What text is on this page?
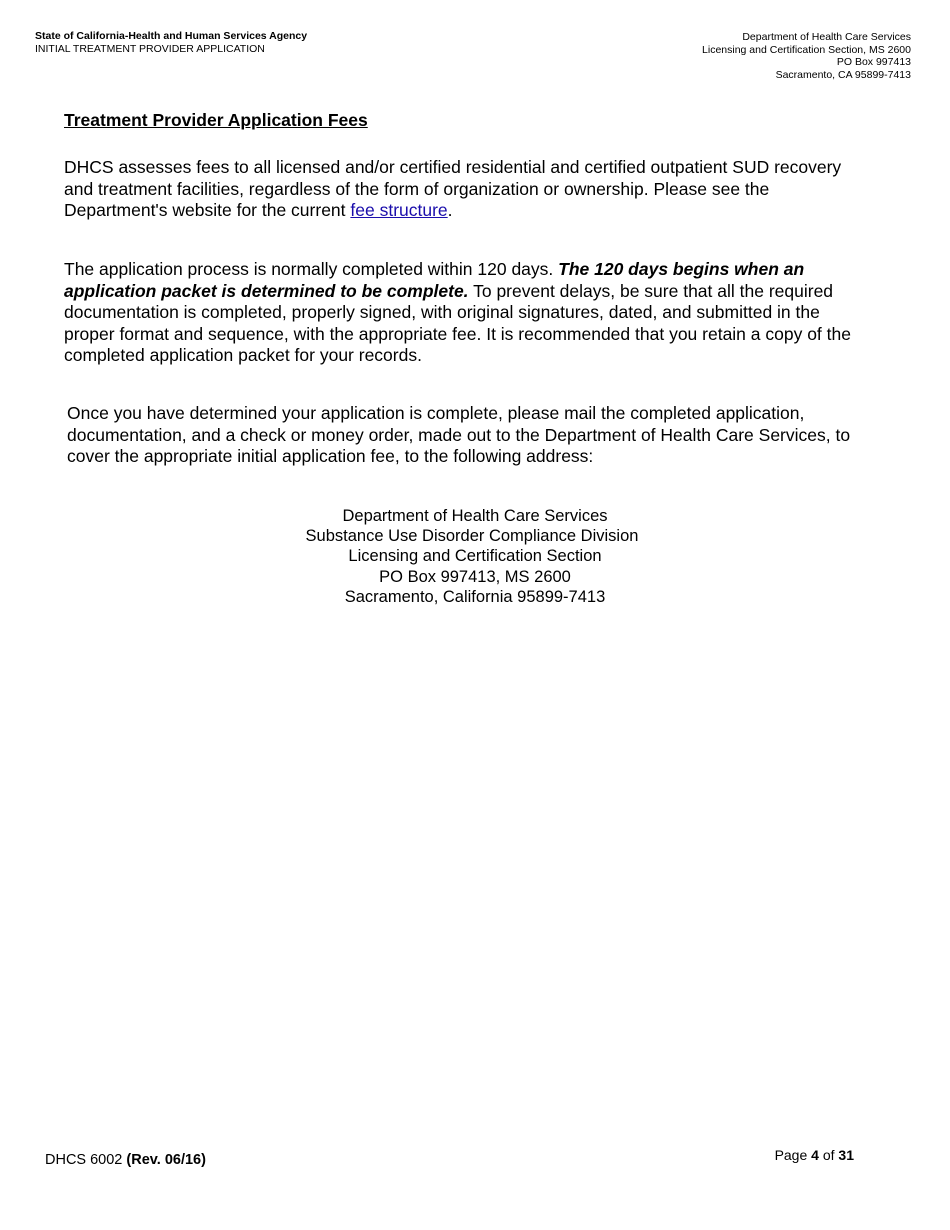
State of California-Health and Human Services Agency
INITIAL TREATMENT PROVIDER APPLICATION
Department of Health Care Services
Licensing and Certification Section, MS 2600
PO Box 997413
Sacramento, CA 95899-7413
Treatment Provider Application Fees

DHCS assesses fees to all licensed and/or certified residential and certified outpatient SUD recovery and treatment facilities, regardless of the form of organization or ownership. Please see the Department's website for the current fee structure.

The application process is normally completed within 120 days. The 120 days begins when an application packet is determined to be complete. To prevent delays, be sure that all the required documentation is completed, properly signed, with original signatures, dated, and submitted in the proper format and sequence, with the appropriate fee. It is recommended that you retain a copy of the completed application packet for your records.

Once you have determined your application is complete, please mail the completed application, documentation, and a check or money order, made out to the Department of Health Care Services, to cover the appropriate initial application fee, to the following address:

Department of Health Care Services
Substance Use Disorder Compliance Division
Licensing and Certification Section
PO Box 997413, MS 2600
Sacramento, California 95899-7413
DHCS 6002 (Rev. 06/16)	Page 4 of 31
